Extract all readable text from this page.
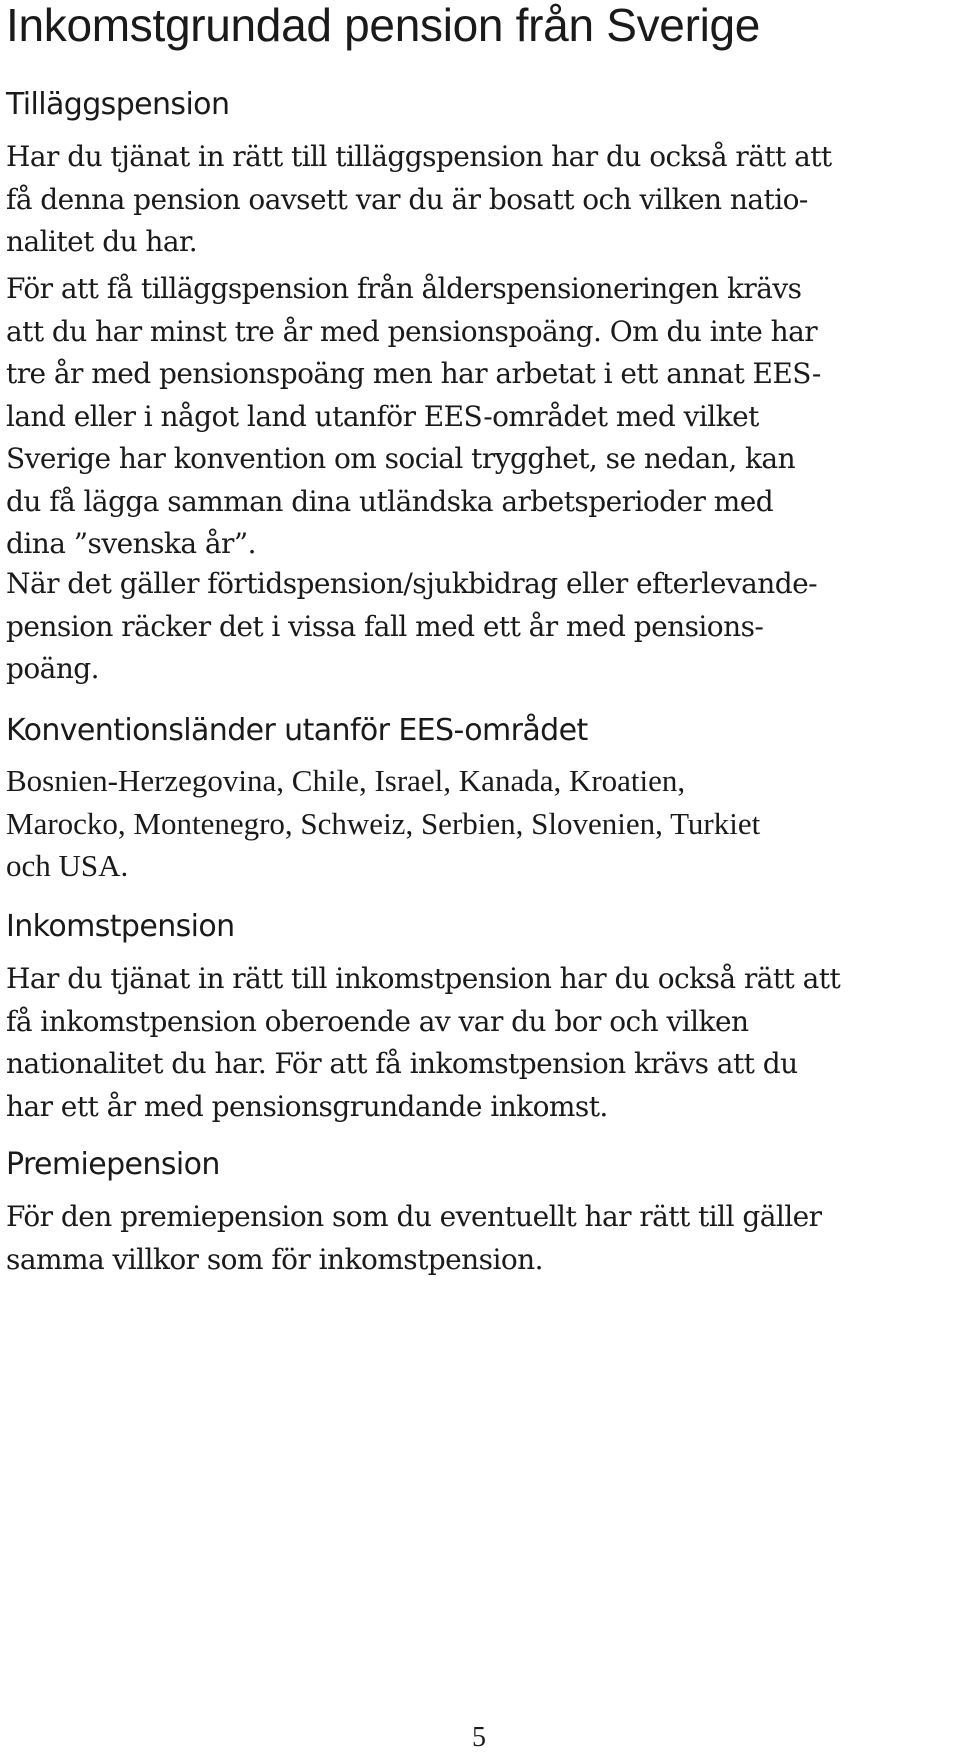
Inkomstgrundad pension från Sverige
Tilläggspension

Har du tjänat in rätt till tilläggspension har du också rätt att
få denna pension oavsett var du är bosatt och vilken natio-
nalitet du har.

För att få tilläggspension från ålderspensioneringen krävs
att du har minst tre år med pensionspoäng. Om du inte har
tre år med pensionspoäng men har arbetat i ett annat EES-
land eller i något land utanför EES-området med vilket
Sverige har konvention om social trygghet, se nedan, kan
du få lägga samman dina utländska arbetsperioder med
dina ”svenska år”.

När det gäller förtidspension/sjukbidrag eller efterlevande-
pension räcker det i vissa fall med ett år med pensions-
poäng.

Konventionsländer utanför EES-området

Bosnien-Herzegovina, Chile, Israel, Kanada, Kroatien,
Marocko, Montenegro, Schweiz, Serbien, Slovenien, Turkiet
och USA.

Inkomstpension

Har du tjänat in rätt till inkomstpension har du också rätt att
få inkomstpension oberoende av var du bor och vilken
nationalitet du har. För att få inkomstpension krävs att du
har ett år med pensionsgrundande inkomst.

Premiepension

För den premiepension som du eventuellt har rätt till gäller
samma villkor som för inkomstpension.

5
